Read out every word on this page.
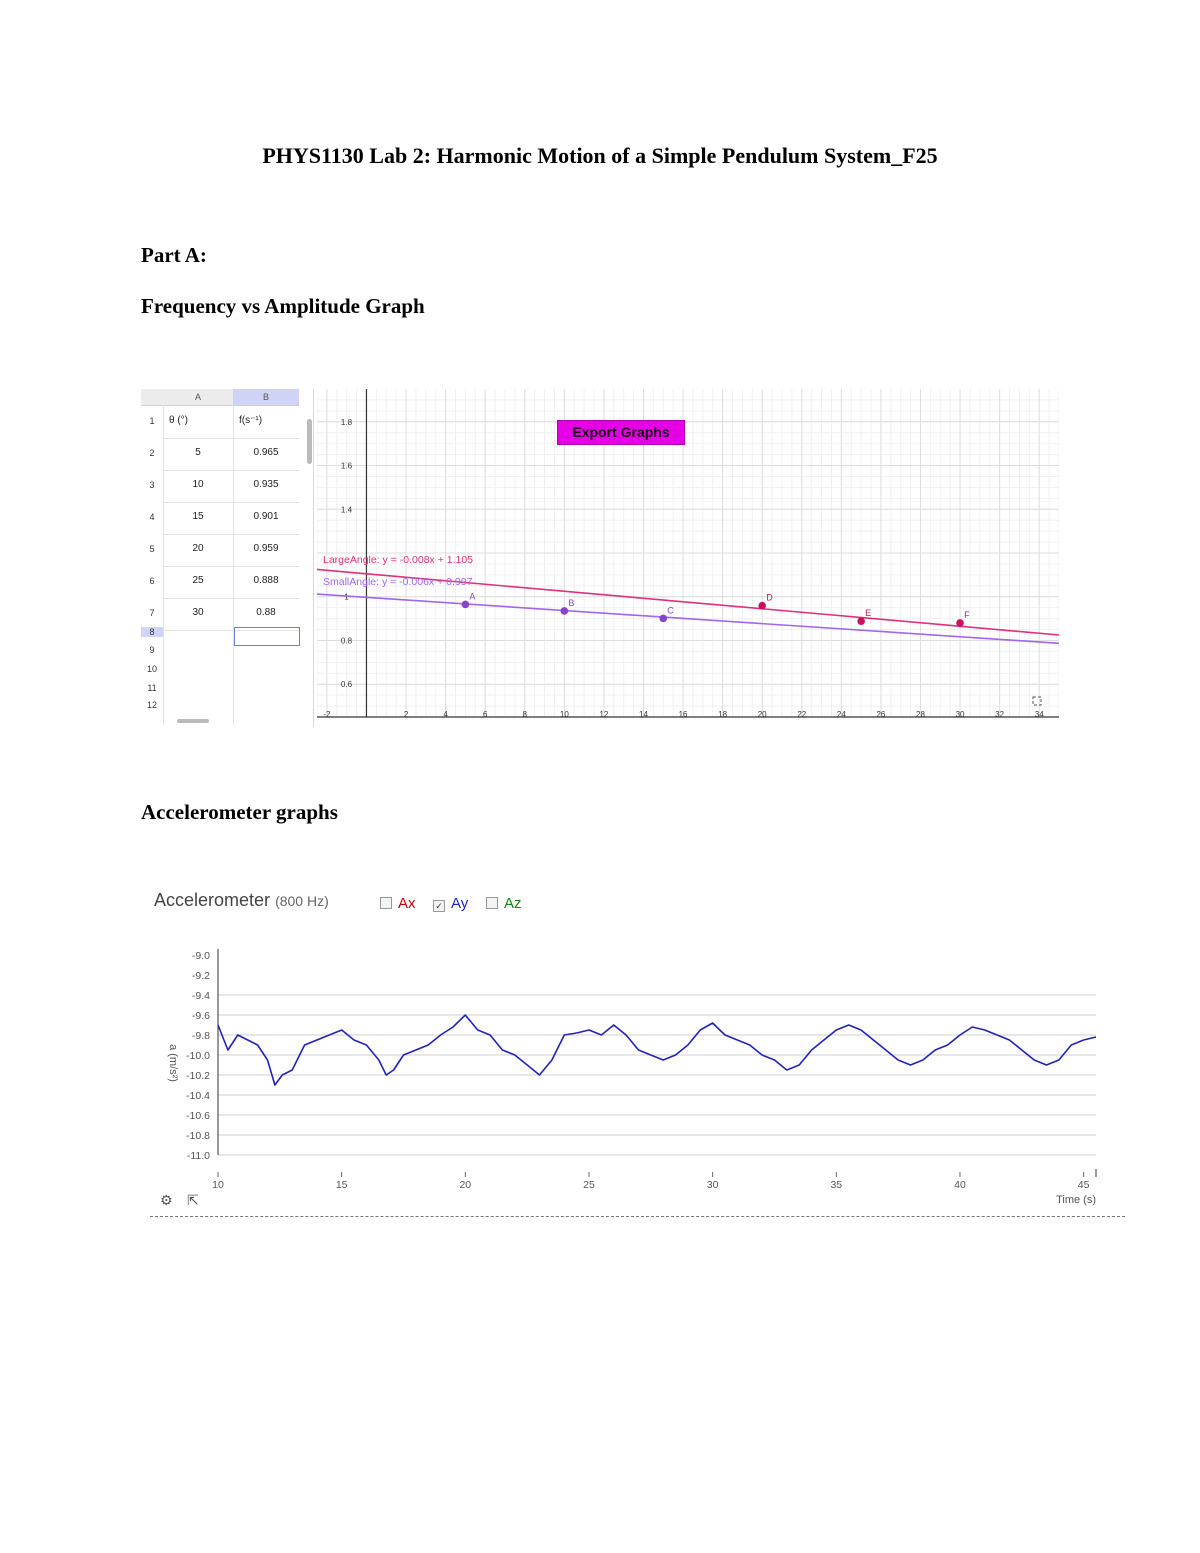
PHYS1130 Lab 2: Harmonic Motion of a Simple Pendulum System_F25
Part A:
Frequency vs Amplitude Graph
A	B
1	θ (°)	f(s⁻¹)
2	5	0.965
3	10	0.935
4	15	0.901
5	20	0.959
6	25	0.888
7	30	0.88
8
9
10
11
12
-2	2	4	6	8	10	12	14	16	18	20	22	24	26	28	30	32	34
0.6
0.8
1
1.4
1.6
1.8
LargeAngle: y = -0.008x + 1.105
SmallAngle: y = -0.006x + 0.997
A
B
C
D
E	F
Export Graphs
Accelerometer graphs
Accelerometer (800 Hz)	Ax ✓ Ay	Az
-9.0
-9.2
-9.4
-9.6
-9.8
-10.0
-10.2
-10.4
-10.6
-10.8
-11.0
10	15	20	25	30	35	40	45
Time (s)
a (m/s²)
⚙ ⇱
